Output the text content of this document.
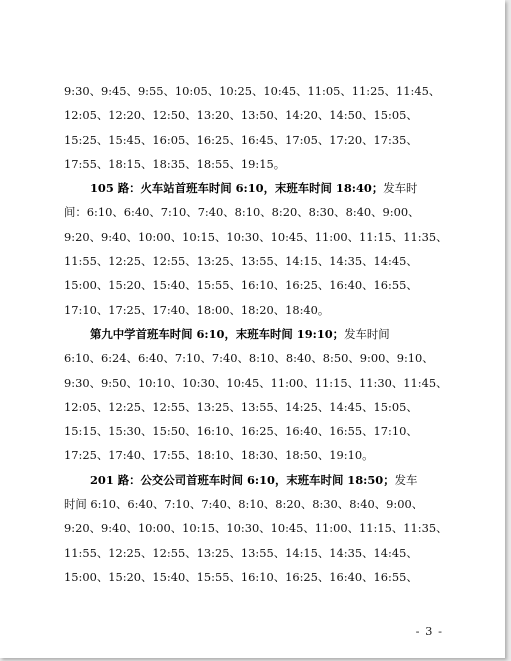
9:30、9:45、9:55、10:05、10:25、10:45、11:05、11:25、11:45、
12:05、12:20、12:50、13:20、13:50、14:20、14:50、15:05、
15:25、15:45、16:05、16:25、16:45、17:05、17:20、17:35、
17:55、18:15、18:35、18:55、19:15。
105 路：火车站首班车时间 6:10，末班车时间 18:40；发车时
间：6:10、6:40、7:10、7:40、8:10、8:20、8:30、8:40、9:00、
9:20、9:40、10:00、10:15、10:30、10:45、11:00、11:15、11:35、
11:55、12:25、12:55、13:25、13:55、14:15、14:35、14:45、
15:00、15:20、15:40、15:55、16:10、16:25、16:40、16:55、
17:10、17:25、17:40、18:00、18:20、18:40。
第九中学首班车时间 6:10，末班车时间 19:10；发车时间
6:10、6:24、6:40、7:10、7:40、8:10、8:40、8:50、9:00、9:10、
9:30、9:50、10:10、10:30、10:45、11:00、11:15、11:30、11:45、
12:05、12:25、12:55、13:25、13:55、14:25、14:45、15:05、
15:15、15:30、15:50、16:10、16:25、16:40、16:55、17:10、
17:25、17:40、17:55、18:10、18:30、18:50、19:10。
201 路：公交公司首班车时间 6:10，末班车时间 18:50；发车
时间 6:10、6:40、7:10、7:40、8:10、8:20、8:30、8:40、9:00、
9:20、9:40、10:00、10:15、10:30、10:45、11:00、11:15、11:35、
11:55、12:25、12:55、13:25、13:55、14:15、14:35、14:45、
15:00、15:20、15:40、15:55、16:10、16:25、16:40、16:55、
- 3 -
